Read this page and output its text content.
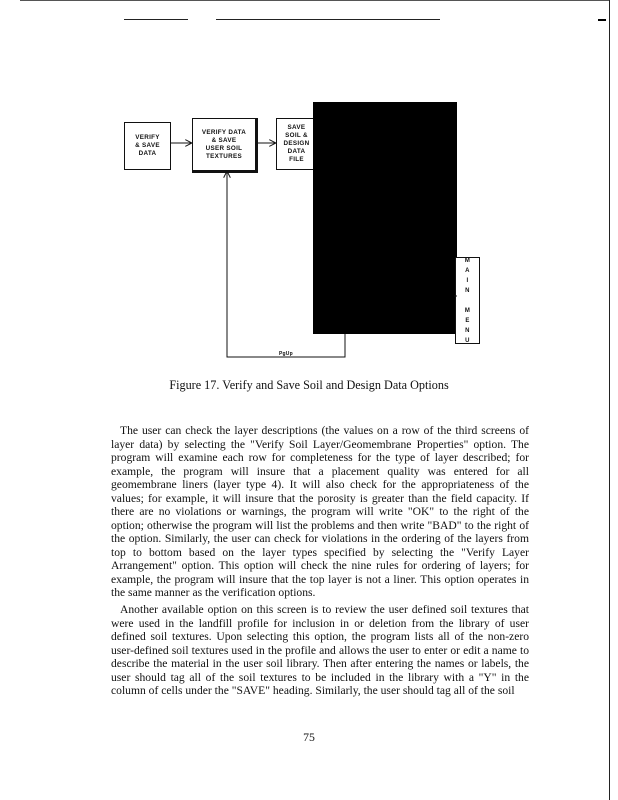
VERIFY
& SAVE
DATA
VERIFY DATA
& SAVE
USER SOIL
TEXTURES
SAVE
SOIL &
DESIGN
DATA
FILE
M
A
I
N

M
E
N
U
PgUp
Figure 17. Verify and Save Soil and Design Data Options

The user can check the layer descriptions (the values on a row of the third screens of layer data) by selecting the "Verify Soil Layer/Geomembrane Properties" option. The program will examine each row for completeness for the type of layer described; for example, the program will insure that a placement quality was entered for all geomembrane liners (layer type 4). It will also check for the appropriateness of the values; for example, it will insure that the porosity is greater than the field capacity. If there are no violations or warnings, the program will write "OK" to the right of the option; otherwise the program will list the problems and then write "BAD" to the right of the option. Similarly, the user can check for violations in the ordering of the layers from top to bottom based on the layer types specified by selecting the "Verify Layer Arrangement" option. This option will check the nine rules for ordering of layers; for example, the program will insure that the top layer is not a liner. This option operates in the same manner as the verification options.

Another available option on this screen is to review the user defined soil textures that were used in the landfill profile for inclusion in or deletion from the library of user defined soil textures. Upon selecting this option, the program lists all of the non-zero user-defined soil textures used in the profile and allows the user to enter or edit a name to describe the material in the user soil library. Then after entering the names or labels, the user should tag all of the soil textures to be included in the library with a "Y" in the column of cells under the "SAVE" heading. Similarly, the user should tag all of the soil

75
